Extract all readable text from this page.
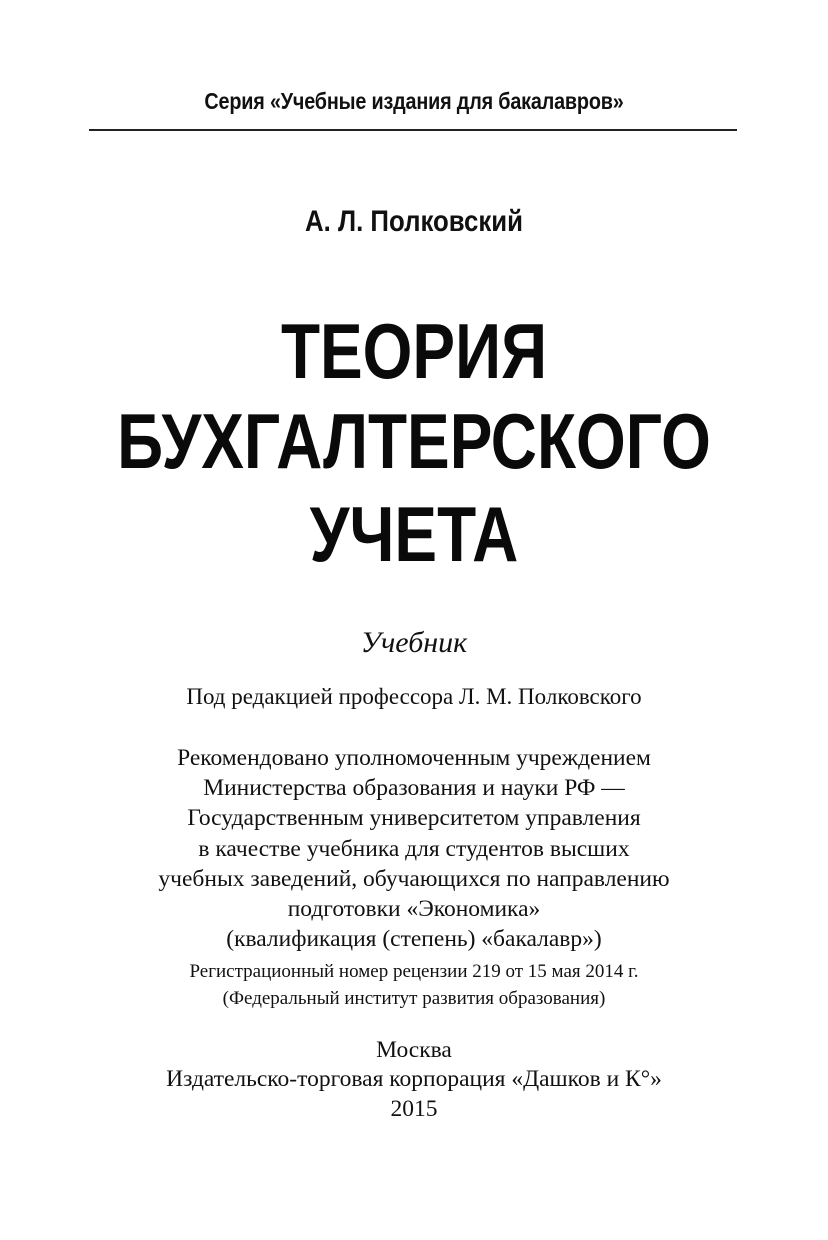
Серия «Учебные издания для бакалавров»
А. Л. Полковский
ТЕОРИЯ
БУХГАЛТЕРСКОГО
УЧЕТА
Учебник
Под редакцией профессора Л. М. Полковского
Рекомендовано уполномоченным учреждением
Министерства образования и науки РФ —
Государственным университетом управления
в качестве учебника для студентов высших
учебных заведений, обучающихся по направлению
подготовки «Экономика»
(квалификация (степень) «бакалавр»)
Регистрационный номер рецензии 219 от 15 мая 2014 г.
(Федеральный институт развития образования)
Москва
Издательско-торговая корпорация «Дашков и К°»
2015
